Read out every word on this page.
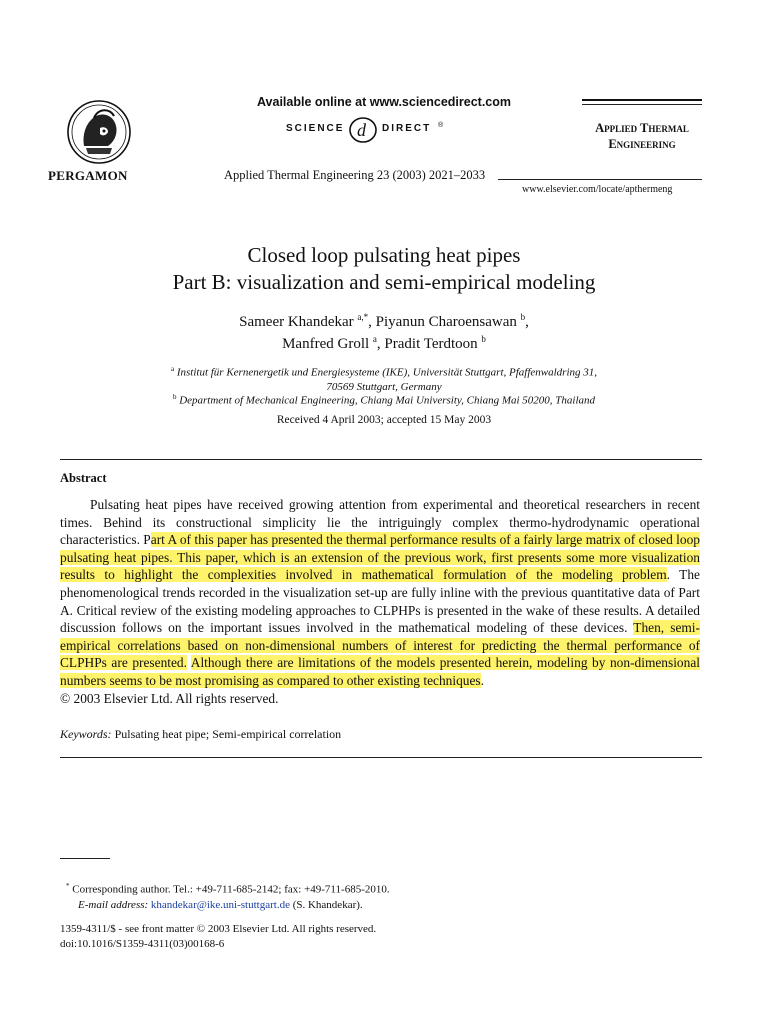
PERGAMON
Available online at www.sciencedirect.com
SCIENCE d DIRECT ®
Applied Thermal Engineering 23 (2003) 2021–2033
Applied Thermal
Engineering
www.elsevier.com/locate/apthermeng
Closed loop pulsating heat pipes
Part B: visualization and semi-empirical modeling
Sameer Khandekar $^{a,*}$, Piyanun Charoensawan $^b$,
Manfred Groll $^a$, Pradit Terdtoon $^b$
$^a$ Institut für Kernenergetik und Energiesysteme (IKE), Universität Stuttgart, Pfaffenwaldring 31,
70569 Stuttgart, Germany
$^b$ Department of Mechanical Engineering, Chiang Mai University, Chiang Mai 50200, Thailand
Received 4 April 2003; accepted 15 May 2003
Abstract

Pulsating heat pipes have received growing attention from experimental and theoretical researchers in recent times. Behind its constructional simplicity lie the intriguingly complex thermo-hydrodynamic operational characteristics. Part A of this paper has presented the thermal performance results of a fairly large matrix of closed loop pulsating heat pipes. This paper, which is an extension of the previous work, first presents some more visualization results to highlight the complexities involved in mathematical formulation of the modeling problem. The phenomenological trends recorded in the visualization set-up are fully inline with the previous quantitative data of Part A. Critical review of the existing modeling approaches to CLPHPs is presented in the wake of these results. A detailed discussion follows on the important issues involved in the mathematical modeling of these devices. Then, semi-empirical correlations based on non-dimensional numbers of interest for predicting the thermal performance of CLPHPs are presented. Although there are limitations of the models presented herein, modeling by non-dimensional numbers seems to be most promising as compared to other existing techniques.

© 2003 Elsevier Ltd. All rights reserved.

Keywords: Pulsating heat pipe; Semi-empirical correlation
* Corresponding author. Tel.: +49-711-685-2142; fax: +49-711-685-2010.
E-mail address: khandekar@ike.uni-stuttgart.de (S. Khandekar).
1359-4311/$ - see front matter © 2003 Elsevier Ltd. All rights reserved.
doi:10.1016/S1359-4311(03)00168-6
